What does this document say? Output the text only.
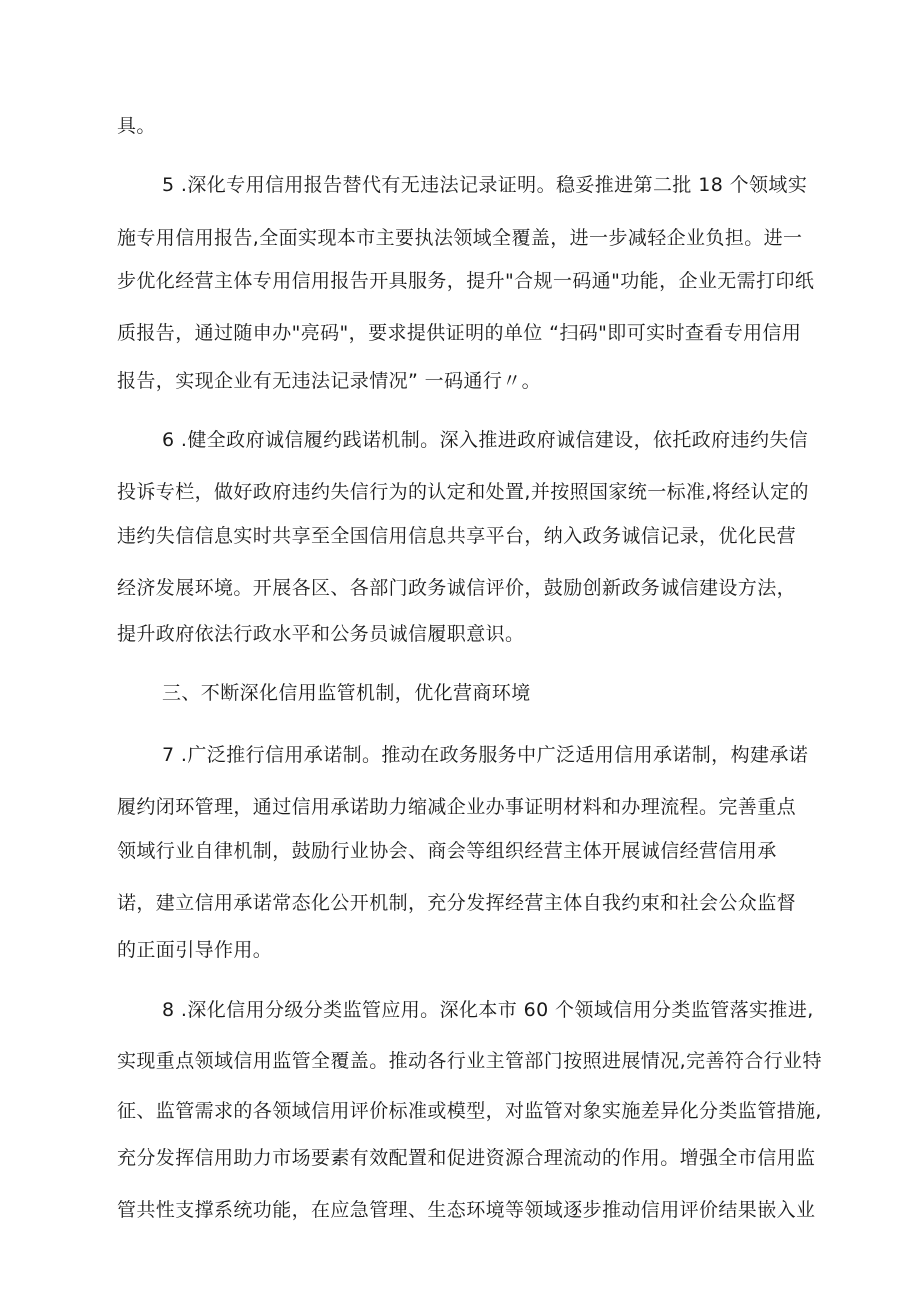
具。
5 .深化专用信用报告替代有无违法记录证明。稳妥推进第二批 18 个领域实
施专用信用报告,全面实现本市主要执法领域全覆盖，进一步减轻企业负担。进一
步优化经营主体专用信用报告开具服务，提升"合规一码通"功能，企业无需打印纸
质报告，通过随申办"亮码"，要求提供证明的单位 “扫码"即可实时查看专用信用
报告，实现企业有无违法记录情况” 一码通行〃。
6 .健全政府诚信履约践诺机制。深入推进政府诚信建设，依托政府违约失信
投诉专栏，做好政府违约失信行为的认定和处置,并按照国家统一标准,将经认定的
违约失信信息实时共享至全国信用信息共享平台，纳入政务诚信记录，优化民营
经济发展环境。开展各区、各部门政务诚信评价，鼓励创新政务诚信建设方法，
提升政府依法行政水平和公务员诚信履职意识。
三、不断深化信用监管机制，优化营商环境
7 .广泛推行信用承诺制。推动在政务服务中广泛适用信用承诺制，构建承诺
履约闭环管理，通过信用承诺助力缩减企业办事证明材料和办理流程。完善重点
领域行业自律机制，鼓励行业协会、商会等组织经营主体开展诚信经营信用承
诺，建立信用承诺常态化公开机制，充分发挥经营主体自我约束和社会公众监督
的正面引导作用。
8 .深化信用分级分类监管应用。深化本市 60 个领域信用分类监管落实推进,
实现重点领域信用监管全覆盖。推动各行业主管部门按照进展情况,完善符合行业特
征、监管需求的各领域信用评价标准或模型，对监管对象实施差异化分类监管措施,
充分发挥信用助力市场要素有效配置和促进资源合理流动的作用。增强全市信用监
管共性支撑系统功能，在应急管理、生态环境等领域逐步推动信用评价结果嵌入业
